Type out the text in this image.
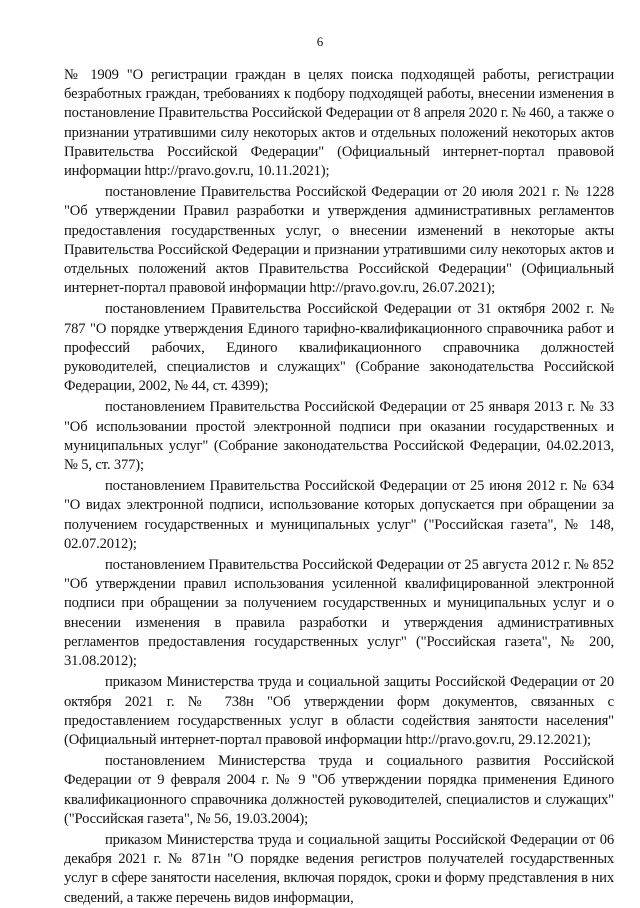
6

№ 1909 "О регистрации граждан в целях поиска подходящей работы, регистрации безработных граждан, требованиях к подбору подходящей работы, внесении изменения в постановление Правительства Российской Федерации от 8 апреля 2020 г. № 460, а также о признании утратившими силу некоторых актов и отдельных положений некоторых актов Правительства Российской Федерации" (Официальный интернет-портал правовой информации http://pravo.gov.ru, 10.11.2021);

постановление Правительства Российской Федерации от 20 июля 2021 г. № 1228 "Об утверждении Правил разработки и утверждения административных регламентов предоставления государственных услуг, о внесении изменений в некоторые акты Правительства Российской Федерации и признании утратившими силу некоторых актов и отдельных положений актов Правительства Российской Федерации" (Официальный интернет-портал правовой информации http://pravo.gov.ru, 26.07.2021);

постановлением Правительства Российской Федерации от 31 октября 2002 г. № 787 "О порядке утверждения Единого тарифно-квалификационного справочника работ и профессий рабочих, Единого квалификационного справочника должностей руководителей, специалистов и служащих" (Собрание законодательства Российской Федерации, 2002, № 44, ст. 4399);

постановлением Правительства Российской Федерации от 25 января 2013 г. № 33 "Об использовании простой электронной подписи при оказании государственных и муниципальных услуг" (Собрание законодательства Российской Федерации, 04.02.2013, № 5, ст. 377);

постановлением Правительства Российской Федерации от 25 июня 2012 г. № 634 "О видах электронной подписи, использование которых допускается при обращении за получением государственных и муниципальных услуг" ("Российская газета", № 148, 02.07.2012);

постановлением Правительства Российской Федерации от 25 августа 2012 г. № 852 "Об утверждении правил использования усиленной квалифицированной электронной подписи при обращении за получением государственных и муниципальных услуг и о внесении изменения в правила разработки и утверждения административных регламентов предоставления государственных услуг" ("Российская газета", № 200, 31.08.2012);

приказом Министерства труда и социальной защиты Российской Федерации от 20 октября 2021 г. № 738н "Об утверждении форм документов, связанных с предоставлением государственных услуг в области содействия занятости населения" (Официальный интернет-портал правовой информации http://pravo.gov.ru, 29.12.2021);

постановлением Министерства труда и социального развития Российской Федерации от 9 февраля 2004 г. № 9 "Об утверждении порядка применения Единого квалификационного справочника должностей руководителей, специалистов и служащих" ("Российская газета", № 56, 19.03.2004);

приказом Министерства труда и социальной защиты Российской Федерации от 06 декабря 2021 г. № 871н "О порядке ведения регистров получателей государственных услуг в сфере занятости населения, включая порядок, сроки и форму представления в них сведений, а также перечень видов информации,
